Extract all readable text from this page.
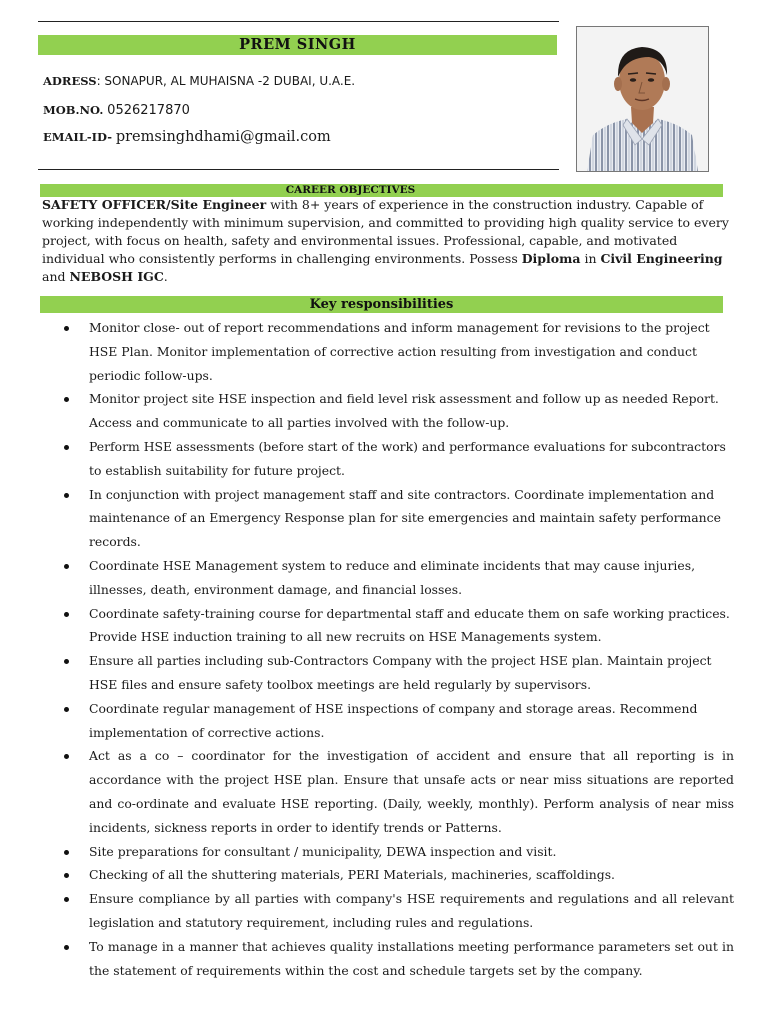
PREM SINGH
ADRESS: SONAPUR, AL MUHAISNA -2 DUBAI, U.A.E.
MOB.NO. 0526217870
EMAIL-ID- premsinghdhami@gmail.com
CAREER OBJECTIVES
SAFETY OFFICER/Site Engineer with 8+ years of experience in the construction industry. Capable of working independently with minimum supervision, and committed to providing high quality service to every project, with focus on health, safety and environmental issues. Professional, capable, and motivated individual who consistently performs in challenging environments. Possess Diploma in Civil Engineering and NEBOSH IGC.
Key responsibilities
Monitor close- out of report recommendations and inform management for revisions to the project HSE Plan. Monitor implementation of corrective action resulting from investigation and conduct periodic follow-ups.
Monitor project site HSE inspection and field level risk assessment and follow up as needed Report. Access and communicate to all parties involved with the follow-up.
Perform HSE assessments (before start of the work) and performance evaluations for subcontractors to establish suitability for future project.
In conjunction with project management staff and site contractors. Coordinate implementation and maintenance of an Emergency Response plan for site emergencies and maintain safety performance records.
Coordinate HSE Management system to reduce and eliminate incidents that may cause injuries, illnesses, death, environment damage, and financial losses.
Coordinate safety-training course for departmental staff and educate them on safe working practices. Provide HSE induction training to all new recruits on HSE Managements system.
Ensure all parties including sub-Contractors Company with the project HSE plan. Maintain project HSE files and ensure safety toolbox meetings are held regularly by supervisors.
Coordinate regular management of HSE inspections of company and storage areas. Recommend implementation of corrective actions.
Act as a co – coordinator for the investigation of accident and ensure that all reporting is in accordance with the project HSE plan. Ensure that unsafe acts or near miss situations are reported and co-ordinate and evaluate HSE reporting. (Daily, weekly, monthly). Perform analysis of near miss incidents, sickness reports in order to identify trends or Patterns.
Site preparations for consultant / municipality, DEWA inspection and visit.
Checking of all the shuttering materials, PERI Materials, machineries, scaffoldings.
Ensure compliance by all parties with company's HSE requirements and regulations and all relevant legislation and statutory requirement, including rules and regulations.
To manage in a manner that achieves quality installations meeting performance parameters set out in the statement of requirements within the cost and schedule targets set by the company.
